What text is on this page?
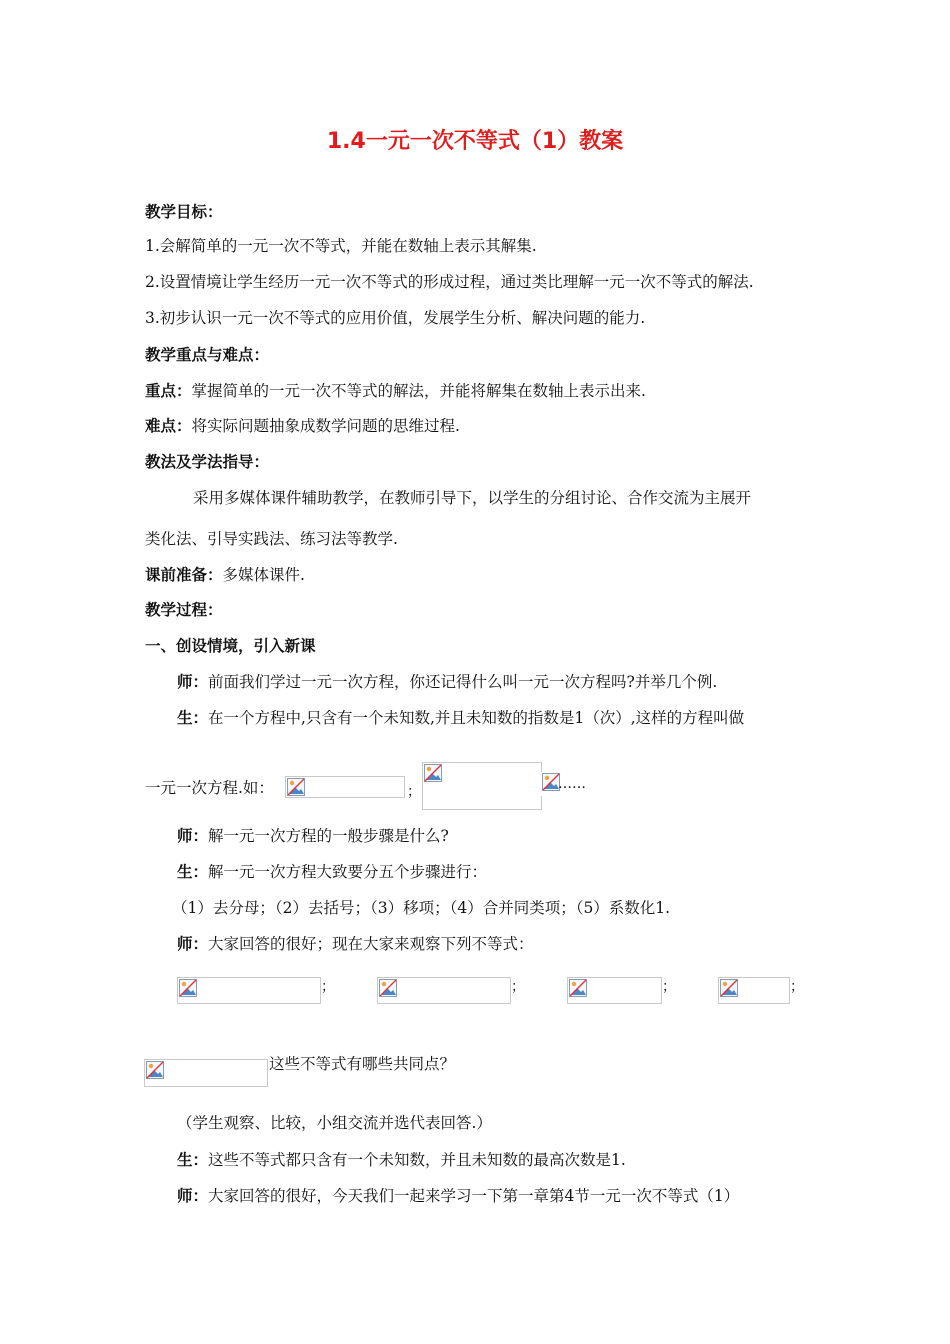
1.4一元一次不等式（1）教案
教学目标：
1.会解简单的一元一次不等式，并能在数轴上表示其解集.
2.设置情境让学生经历一元一次不等式的形成过程，通过类比理解一元一次不等式的解法.
3.初步认识一元一次不等式的应用价值，发展学生分析、解决问题的能力.
教学重点与难点：
重点：掌握简单的一元一次不等式的解法，并能将解集在数轴上表示出来.
难点：将实际问题抽象成数学问题的思维过程.
教法及学法指导：
采用多媒体课件辅助教学，在教师引导下，以学生的分组讨论、合作交流为主展开
类化法、引导实践法、练习法等教学.
课前准备：多媒体课件.
教学过程：
一、创设情境，引入新课
师：前面我们学过一元一次方程，你还记得什么叫一元一次方程吗?并举几个例.
生：在一个方程中,只含有一个未知数,并且未知数的指数是1（次）,这样的方程叫做
一元一次方程.如：	；	……
师：解一元一次方程的一般步骤是什么?
生：解一元一次方程大致要分五个步骤进行：
（1）去分母；（2）去括号；（3）移项；（4）合并同类项；（5）系数化1.
师：大家回答的很好；现在大家来观察下列不等式：
；	；	；	；
这些不等式有哪些共同点？
（学生观察、比较，小组交流并选代表回答.）
生：这些不等式都只含有一个未知数，并且未知数的最高次数是1.
师：大家回答的很好，今天我们一起来学习一下第一章第4节一元一次不等式（1）
